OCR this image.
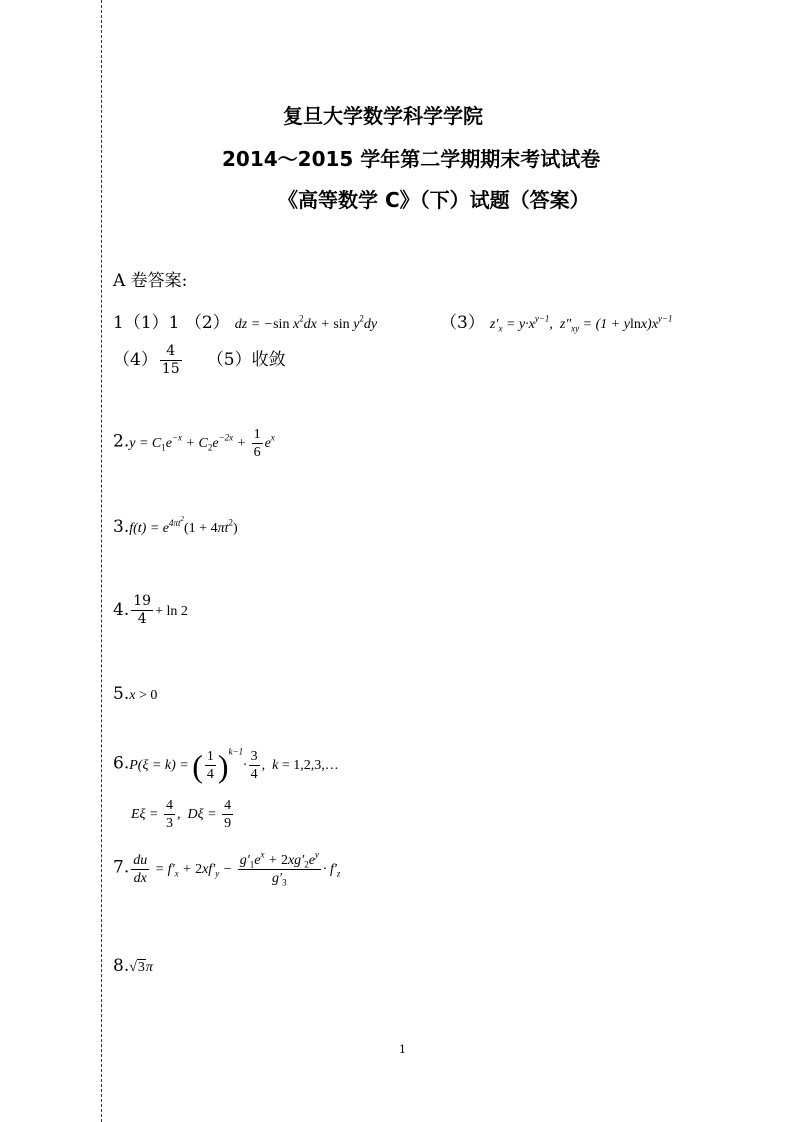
复旦大学数学科学学院
2014～2015 学年第二学期期末考试试卷
《高等数学 C》（下）试题（答案）
A 卷答案:
1（1）1 （2） dz = −sin $x^2dx + \sin y^2dy$	（3） $z'_x = y\cdot x^{y-1}$,  $z''_{xy} = (1 + ylnx)x^{y-1}$
$(4) \frac{4}{15} (5)$收敛
$2.y = C_1e^{-x} + C_2e^{-2x} + \frac{1}{6} e^x$
$3.f(t) = e^{4\pi t^2}(1 + 4\pi t^2)$
4. $\frac{19}{4} + \ln 2$
5.x > 0
6.P(ξ = k) = ( $\frac{1}{4} )^{k-1}\cdot \frac{3}{4}$ ,  k = 1,2,3,…
$E\xi = \frac{4}{3}$ ,  $D\xi = \frac{4}{9}$
7. $\frac{du}{dx} = f'_x + 2xf'_y - \frac{g'_1e^x + 2xg'_2e^y}{g'_3} \cdot f'_z$
8.√3π
1
